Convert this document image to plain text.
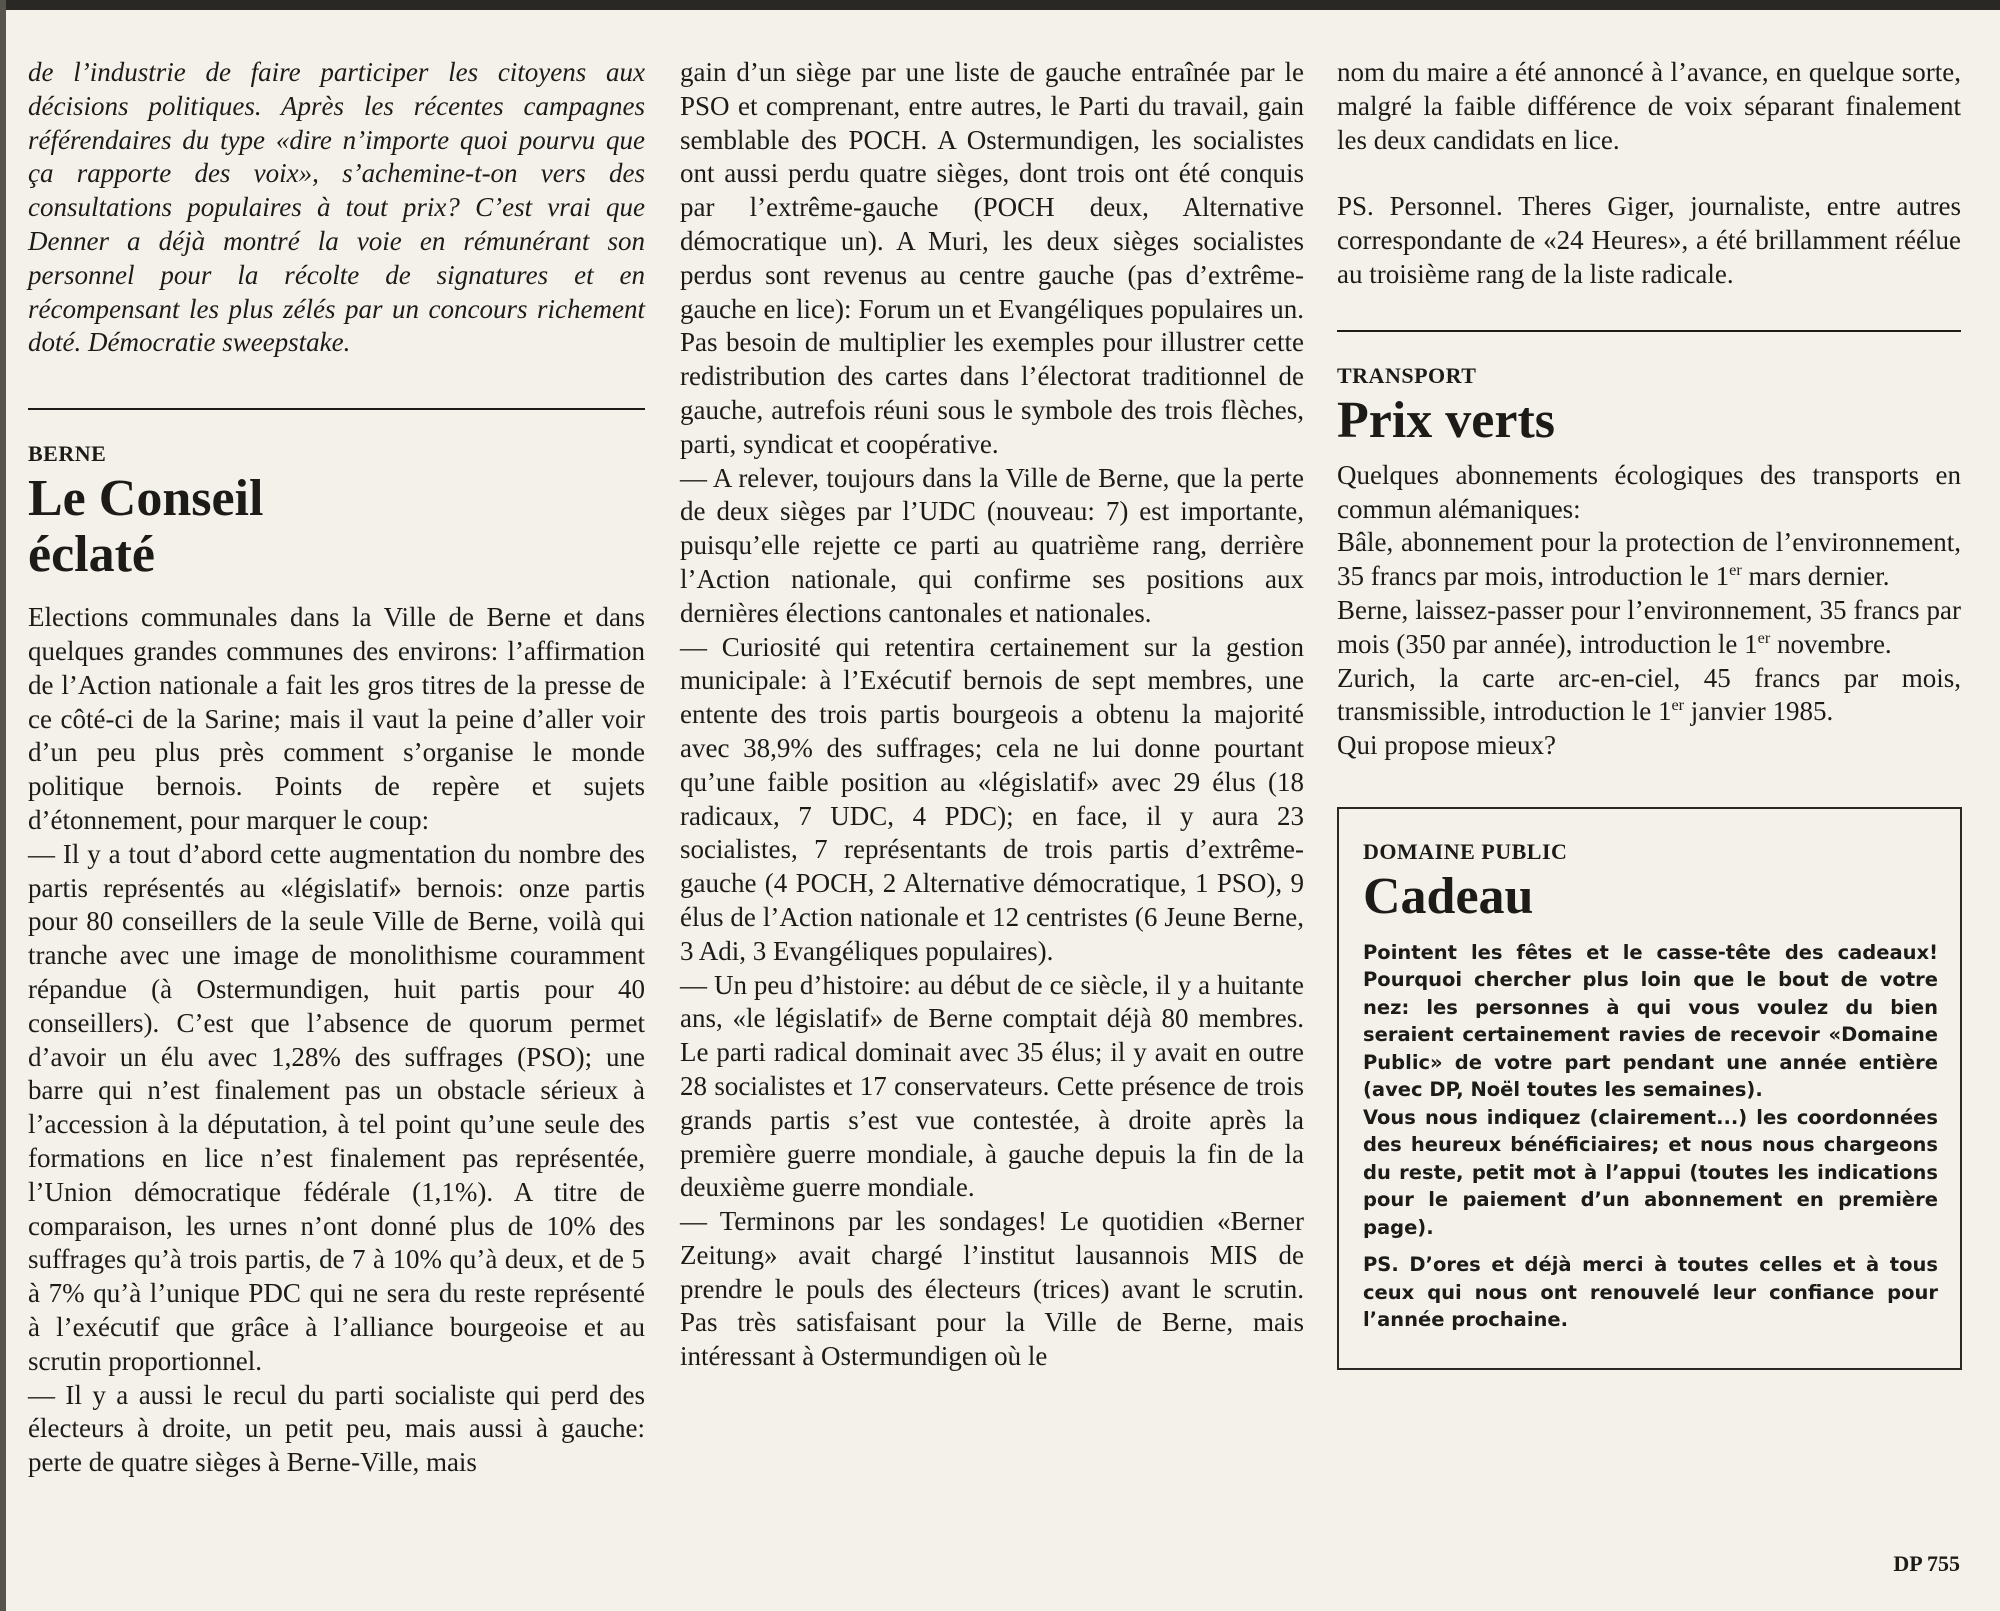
de l’industrie de faire participer les citoyens aux décisions politiques. Après les récentes campagnes référendaires du type «dire n’importe quoi pourvu que ça rapporte des voix», s’achemine-t-on vers des consultations populaires à tout prix? C’est vrai que Denner a déjà montré la voie en rémunérant son personnel pour la récolte de signatures et en récompensant les plus zélés par un concours richement doté. Démocratie sweepstake.

BERNE
Le Conseil
éclaté

Elections communales dans la Ville de Berne et dans quelques grandes communes des environs: l’affirmation de l’Action nationale a fait les gros titres de la presse de ce côté-ci de la Sarine; mais il vaut la peine d’aller voir d’un peu plus près comment s’organise le monde politique bernois. Points de repère et sujets d’étonnement, pour marquer le coup:

— Il y a tout d’abord cette augmentation du nombre des partis représentés au «législatif» bernois: onze partis pour 80 conseillers de la seule Ville de Berne, voilà qui tranche avec une image de monolithisme couramment répandue (à Ostermundigen, huit partis pour 40 conseillers). C’est que l’absence de quorum permet d’avoir un élu avec 1,28% des suffrages (PSO); une barre qui n’est finalement pas un obstacle sérieux à l’accession à la députation, à tel point qu’une seule des formations en lice n’est finalement pas représentée, l’Union démocratique fédérale (1,1%). A titre de comparaison, les urnes n’ont donné plus de 10% des suffrages qu’à trois partis, de 7 à 10% qu’à deux, et de 5 à 7% qu’à l’unique PDC qui ne sera du reste représenté à l’exécutif que grâce à l’alliance bourgeoise et au scrutin proportionnel.

— Il y a aussi le recul du parti socialiste qui perd des électeurs à droite, un petit peu, mais aussi à gauche: perte de quatre sièges à Berne-Ville, mais

gain d’un siège par une liste de gauche entraînée par le PSO et comprenant, entre autres, le Parti du travail, gain semblable des POCH. A Ostermundigen, les socialistes ont aussi perdu quatre sièges, dont trois ont été conquis par l’extrême-gauche (POCH deux, Alternative démocratique un). A Muri, les deux sièges socialistes perdus sont revenus au centre gauche (pas d’extrême-gauche en lice): Forum un et Evangéliques populaires un. Pas besoin de multiplier les exemples pour illustrer cette redistribution des cartes dans l’électorat traditionnel de gauche, autrefois réuni sous le symbole des trois flèches, parti, syndicat et coopérative.

— A relever, toujours dans la Ville de Berne, que la perte de deux sièges par l’UDC (nouveau: 7) est importante, puisqu’elle rejette ce parti au quatrième rang, derrière l’Action nationale, qui confirme ses positions aux dernières élections cantonales et nationales.

— Curiosité qui retentira certainement sur la gestion municipale: à l’Exécutif bernois de sept membres, une entente des trois partis bourgeois a obtenu la majorité avec 38,9% des suffrages; cela ne lui donne pourtant qu’une faible position au «législatif» avec 29 élus (18 radicaux, 7 UDC, 4 PDC); en face, il y aura 23 socialistes, 7 représentants de trois partis d’extrême-gauche (4 POCH, 2 Alternative démocratique, 1 PSO), 9 élus de l’Action nationale et 12 centristes (6 Jeune Berne, 3 Adi, 3 Evangéliques populaires).

— Un peu d’histoire: au début de ce siècle, il y a huitante ans, «le législatif» de Berne comptait déjà 80 membres. Le parti radical dominait avec 35 élus; il y avait en outre 28 socialistes et 17 conservateurs. Cette présence de trois grands partis s’est vue contestée, à droite après la première guerre mondiale, à gauche depuis la fin de la deuxième guerre mondiale.

— Terminons par les sondages! Le quotidien «Berner Zeitung» avait chargé l’institut lausannois MIS de prendre le pouls des électeurs (trices) avant le scrutin. Pas très satisfaisant pour la Ville de Berne, mais intéressant à Ostermundigen où le

nom du maire a été annoncé à l’avance, en quelque sorte, malgré la faible différence de voix séparant finalement les deux candidats en lice.

PS. Personnel. Theres Giger, journaliste, entre autres correspondante de «24 Heures», a été brillamment réélue au troisième rang de la liste radicale.

TRANSPORT
Prix verts

Quelques abonnements écologiques des transports en commun alémaniques:

Bâle, abonnement pour la protection de l’environnement, 35 francs par mois, introduction le 1er mars dernier.

Berne, laissez-passer pour l’environnement, 35 francs par mois (350 par année), introduction le 1er novembre.

Zurich, la carte arc-en-ciel, 45 francs par mois, transmissible, introduction le 1er janvier 1985.

Qui propose mieux?

DOMAINE PUBLIC
Cadeau

Pointent les fêtes et le casse-tête des cadeaux! Pourquoi chercher plus loin que le bout de votre nez: les personnes à qui vous voulez du bien seraient certainement ravies de recevoir «Domaine Public» de votre part pendant une année entière (avec DP, Noël toutes les semaines).

Vous nous indiquez (clairement...) les coordonnées des heureux bénéficiaires; et nous nous chargeons du reste, petit mot à l’appui (toutes les indications pour le paiement d’un abonnement en première page).

PS. D’ores et déjà merci à toutes celles et à tous ceux qui nous ont renouvelé leur confiance pour l’année prochaine.

DP 755
